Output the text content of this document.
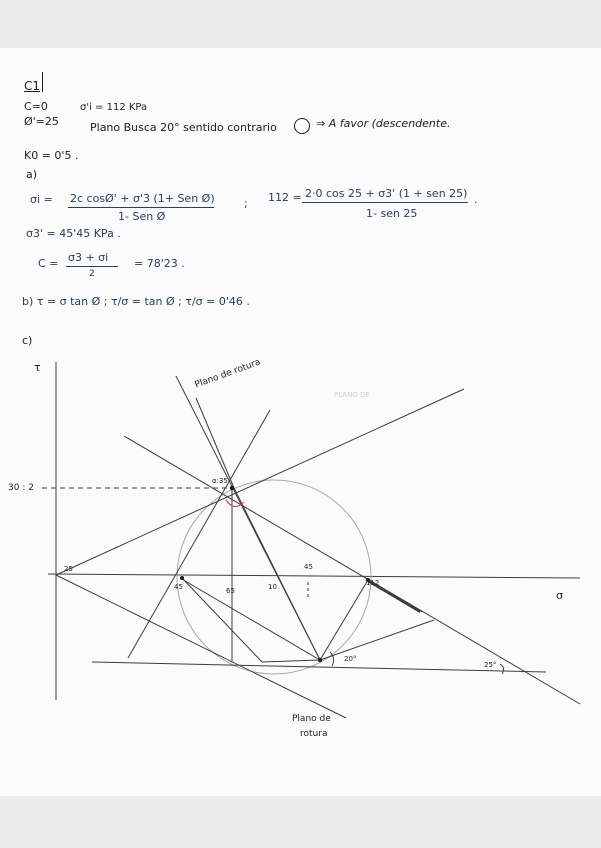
C1
C=0
Ø'=25
σ'i = 112 KPa
Plano Busca 20° sentido contrario	⇒ A favor (descendente.
K0 = 0'5 .
a)
σi = 2c cosØ' + σ'3 (1+ Sen Ø)
1- Sen Ø
; 112 = 2·0 cos 25 + σ3' (1 + sen 25)
1- sen 25
.
σ3' = 45'45 KPa .
C = σ3 + σi
2
= 78'23 .
b) τ = σ tan Ø ; τ/σ = tan Ø ; τ/σ = 0'46 .
c)
τ
σ
30 : 2
Plano de rotura
Plano de
rotura
20°
25°
α:35
25
45	65	10	112
45
PLANO DE
